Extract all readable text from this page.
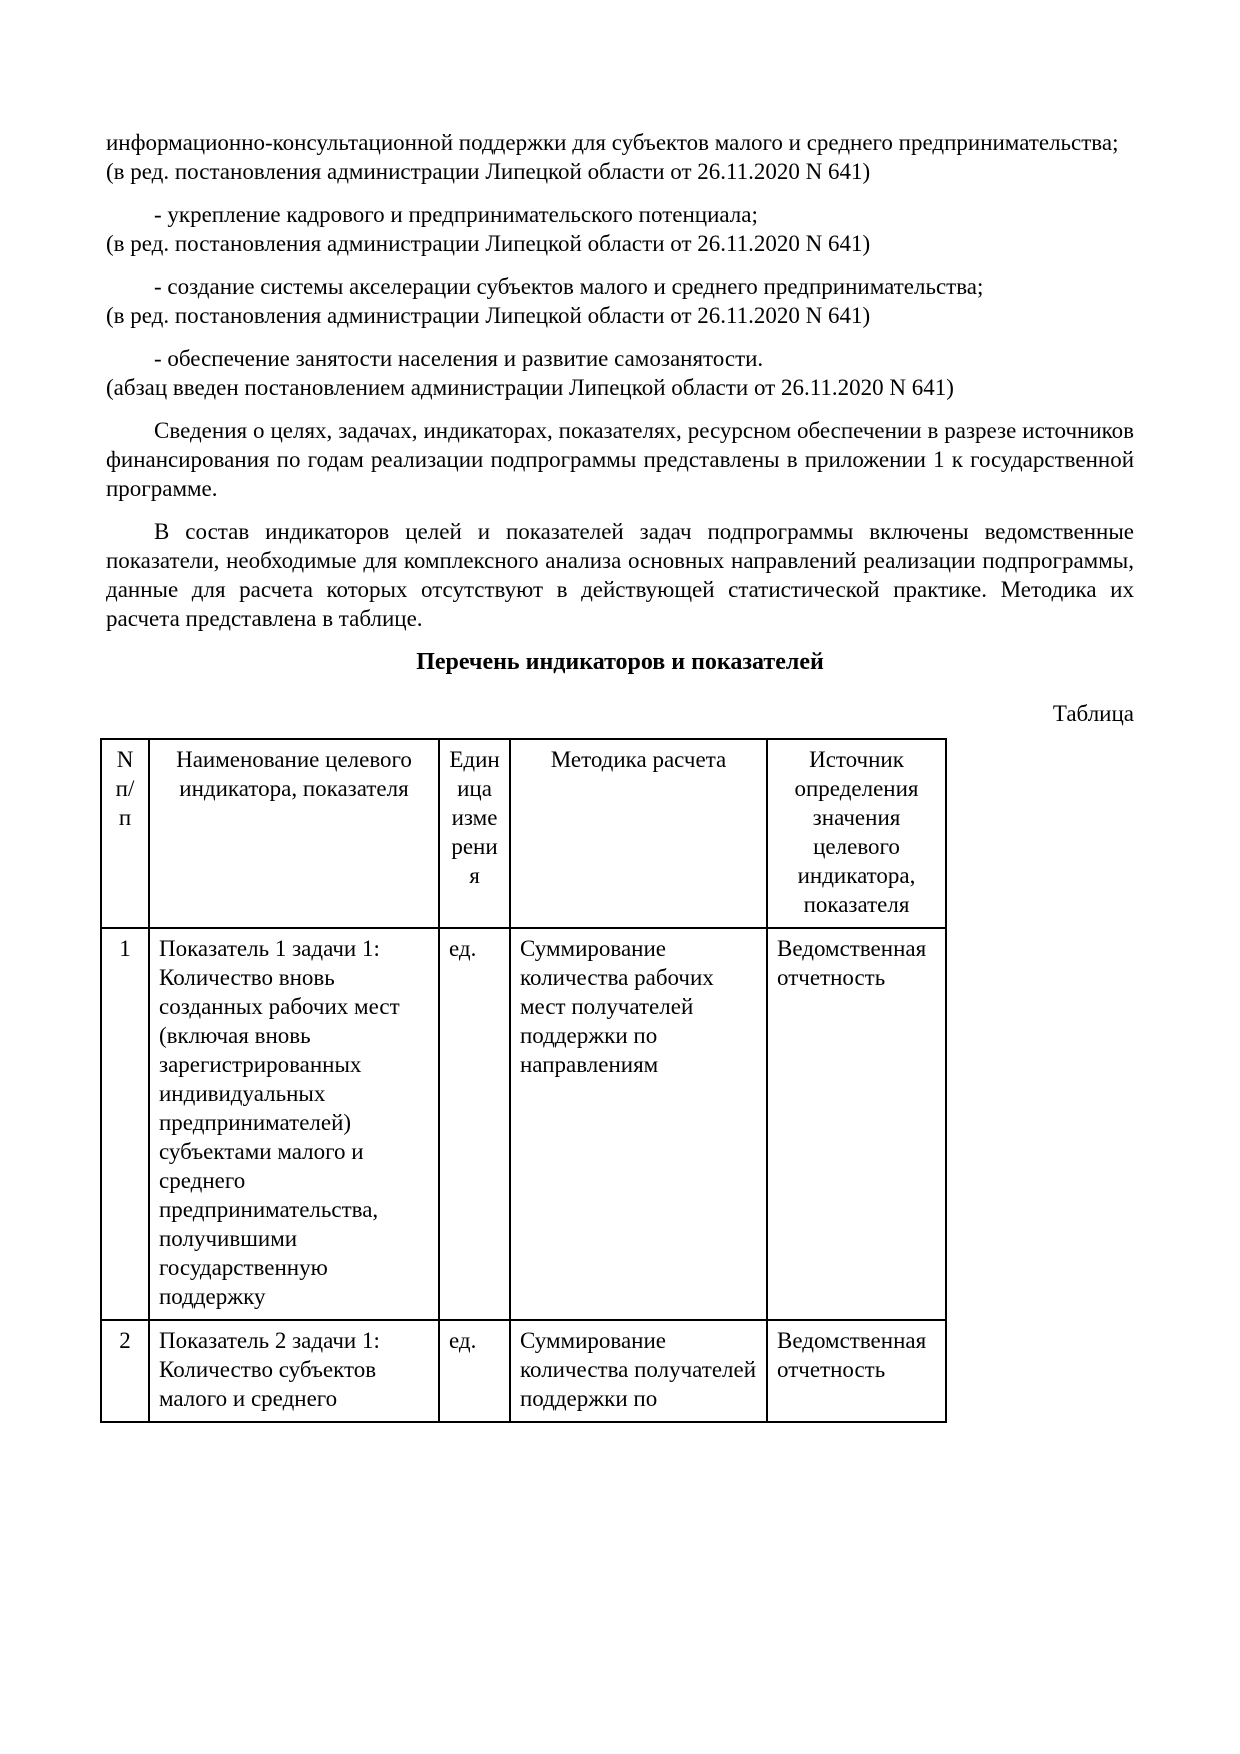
информационно-консультационной поддержки для субъектов малого и среднего предпринимательства;

(в ред. постановления администрации Липецкой области от 26.11.2020 N 641)

- укрепление кадрового и предпринимательского потенциала;

(в ред. постановления администрации Липецкой области от 26.11.2020 N 641)

- создание системы акселерации субъектов малого и среднего предпринимательства;

(в ред. постановления администрации Липецкой области от 26.11.2020 N 641)

- обеспечение занятости населения и развитие самозанятости.

(абзац введен постановлением администрации Липецкой области от 26.11.2020 N 641)

Сведения о целях, задачах, индикаторах, показателях, ресурсном обеспечении в разрезе источников финансирования по годам реализации подпрограммы представлены в приложении 1 к государственной программе.

В состав индикаторов целей и показателей задач подпрограммы включены ведомственные показатели, необходимые для комплексного анализа основных направлений реализации подпрограммы, данные для расчета которых отсутствуют в действующей статистической практике. Методика их расчета представлена в таблице.

Перечень индикаторов и показателей
Таблица
N п/п	Наименование целевого индикатора, показателя	Единица измерения	Методика расчета	Источник определения значения целевого индикатора, показателя
1	Показатель 1 задачи 1: Количество вновь созданных рабочих мест (включая вновь зарегистрированных индивидуальных предпринимателей) субъектами малого и среднего предпринимательства, получившими государственную поддержку	ед.	Суммирование количества рабочих мест получателей поддержки по направлениям	Ведомственная отчетность
2	Показатель 2 задачи 1: Количество субъектов малого и среднего	ед.	Суммирование количества получателей поддержки по	Ведомственная отчетность
